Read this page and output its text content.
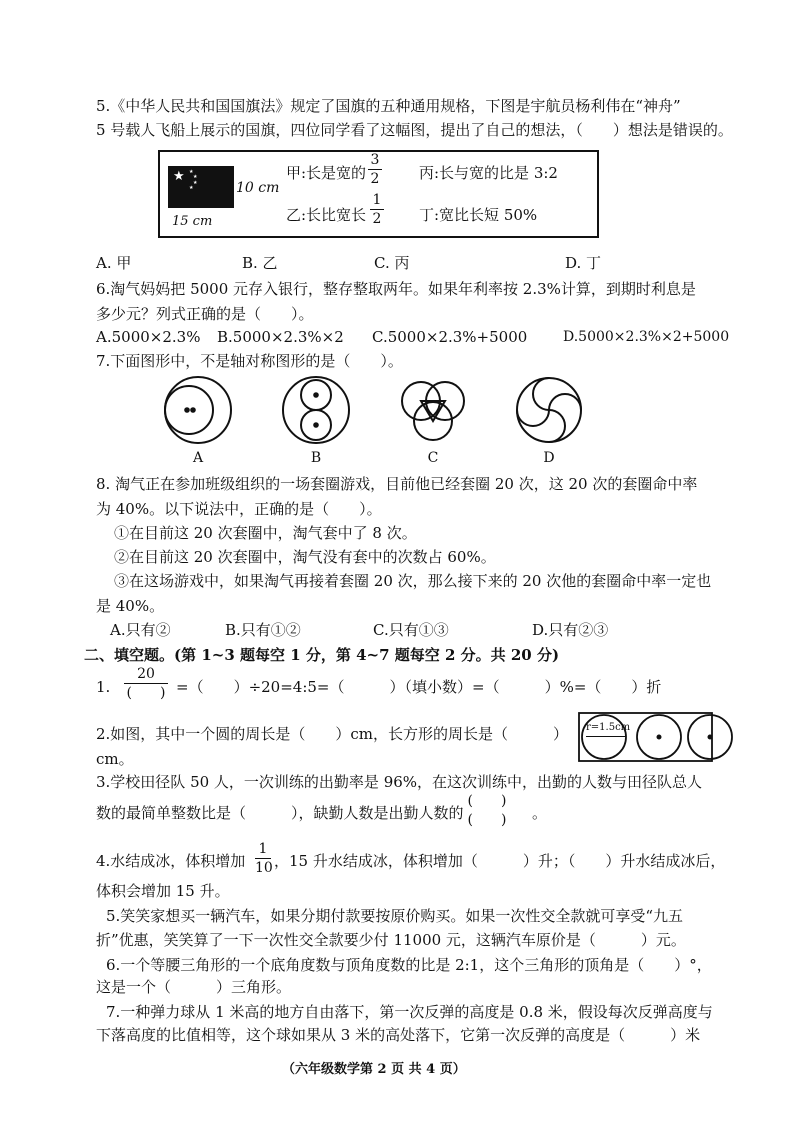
5.《中华人民共和国国旗法》规定了国旗的五种通用规格，下图是宇航员杨利伟在“神舟”
5 号载人飞船上展示的国旗，四位同学看了这幅图，提出了自己的想法，（　　）想法是错误的。
★ ★
★
★
★	10 cm
15 cm
甲:长是宽的
3
2	丙:长与宽的比是 3:2
乙:长比宽长
1
2	丁:宽比长短 50%
A. 甲	B. 乙	C. 丙	D. 丁
6.淘气妈妈把 5000 元存入银行，整存整取两年。如果年利率按 2.3%计算，到期时利息是
多少元？列式正确的是（　　）。
A.5000×2.3% B.5000×2.3%×2 C.5000×2.3%+5000	D.5000×2.3%×2+5000
7.下面图形中，不是轴对称图形的是（　　）。
A	B	C	D
8. 淘气正在参加班级组织的一场套圈游戏，目前他已经套圈 20 次，这 20 次的套圈命中率
为 40%。以下说法中，正确的是（　　）。
①在目前这 20 次套圈中，淘气套中了 8 次。
②在目前这 20 次套圈中，淘气没有套中的次数占 60%。
③在这场游戏中，如果淘气再接着套圈 20 次，那么接下来的 20 次他的套圈命中率一定也
是 40%。
A.只有②	B.只有①②	C.只有①③	D.只有②③
二、填空题。(第 1~3 题每空 1 分，第 4~7 题每空 2 分。共 20 分)
1.
20
(　　) =（　　）÷20=4:5=（　　　）（填小数）=（　　　）%=（　　）折
2.如图，其中一个圆的周长是（　　）cm，长方形的周长是（　　　）
cm。
r=1.5cm
3.学校田径队 50 人，一次训练的出勤率是 96%，在这次训练中，出勤的人数与田径队总人
数的最简单整数比是（　　　），缺勤人数是出勤人数的
(　　)
(　　) 。
4.水结成冰，体积增加
1
10 ，15 升水结成冰，体积增加（　　　）升；（　　）升水结成冰后，
体积会增加 15 升。
5.笑笑家想买一辆汽车，如果分期付款要按原价购买。如果一次性交全款就可享受“九五
折”优惠，笑笑算了一下一次性交全款要少付 11000 元，这辆汽车原价是（　　　）元。
6.一个等腰三角形的一个底角度数与顶角度数的比是 2:1，这个三角形的顶角是（　　）°，
这是一个（　　　）三角形。
7.一种弹力球从 1 米高的地方自由落下，第一次反弹的高度是 0.8 米，假设每次反弹高度与
下落高度的比值相等，这个球如果从 3 米的高处落下，它第一次反弹的高度是（　　　）米
（六年级数学第 2 页 共 4 页）
